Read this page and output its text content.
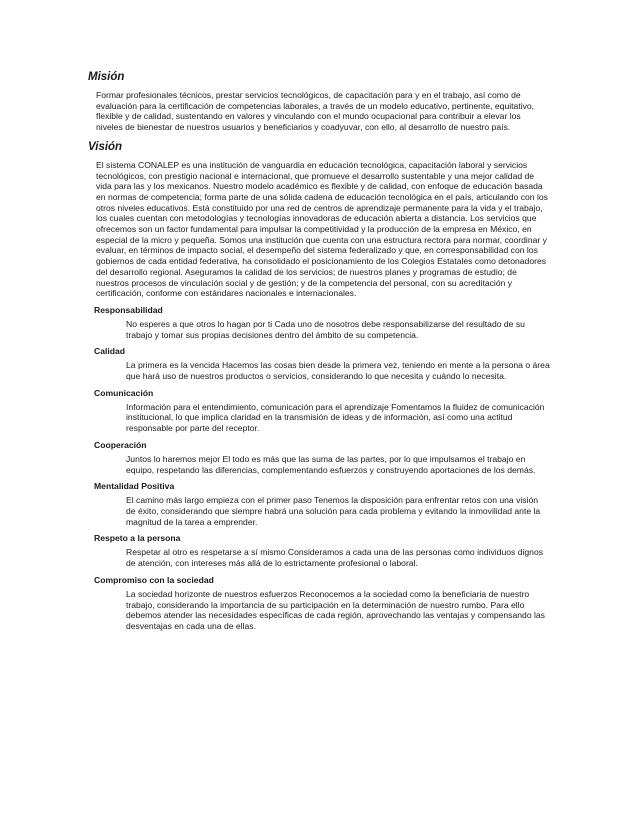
Misión

Formar profesionales técnicos, prestar servicios tecnológicos, de capacitación para y en el trabajo, así como de evaluación para la certificación de competencias laborales, a través de un modelo educativo, pertinente, equitativo, flexible y de calidad, sustentando en valores y vinculando con el mundo ocupacional para contribuir a elevar los niveles de bienestar de nuestros usuarios y beneficiarios y coadyuvar, con ello, al desarrollo de nuestro país.

Visión

El sistema CONALEP es una institución de vanguardia en educación tecnológica, capacitación laboral y servicios tecnológicos, con prestigio nacional e internacional, que promueve el desarrollo sustentable y una mejor calidad de vida para las y los mexicanos. Nuestro modelo académico es flexible y de calidad, con enfoque de educación basada en normas de competencia; forma parte de una sólida cadena de educación tecnológica en el país, articulando con los otros niveles educativos. Está constituido por una red de centros de aprendizaje permanente para la vida y el trabajo, los cuales cuentan con metodologías y tecnologías innovadoras de educación abierta a distancia. Los servicios que ofrecemos son un factor fundamental para impulsar la competitividad y la producción de la empresa en México, en especial de la micro y pequeña. Somos una institución que cuenta con una estructura rectora para normar, coordinar y evaluar, en términos de impacto social, el desempeño del sistema federalizado y que, en corresponsabilidad con los gobiernos de cada entidad federativa, ha consolidado el posicionamiento de los Colegios Estatales como detonadores del desarrollo regional. Aseguramos la calidad de los servicios; de nuestros planes y programas de estudio; de nuestros procesos de vinculación social y de gestión; y de la competencia del personal, con su acreditación y certificación, conforme con estándares nacionales e internacionales.

Responsabilidad

No esperes a que otros lo hagan por ti Cada uno de nosotros debe responsabilizarse del resultado de su trabajo y tomar sus propias decisiones dentro del ámbito de su competencia.

Calidad

La primera es la vencida Hacemos las cosas bien desde la primera vez, teniendo en mente a la persona o área que hará uso de nuestros productos o servicios, considerando lo que necesita y cuándo lo necesita.

Comunicación

Información para el entendimiento, comunicación para el aprendizaje Fomentamos la fluidez de comunicación institucional, lo que implica claridad en la transmisión de ideas y de información, así como una actitud responsable por parte del receptor.

Cooperación

Juntos lo haremos mejor El todo es más que las suma de las partes, por lo que impulsamos el trabajo en equipo, respetando las diferencias, complementando esfuerzos y construyendo aportaciones de los demás.

Mentalidad Positiva

El camino más largo empieza con el primer paso Tenemos la disposición para enfrentar retos con una visión de éxito, considerando que siempre habrá una solución para cada problema y evitando la inmovilidad ante la magnitud de la tarea a emprender.

Respeto a la persona

Respetar al otro es respetarse a sí mismo Consideramos a cada una de las personas como individuos dignos de atención, con intereses más allá de lo estrictamente profesional o laboral.

Compromiso con la sociedad

La sociedad horizonte de nuestros esfuerzos Reconocemos a la sociedad como la beneficiaria de nuestro trabajo, considerando la importancia de su participación en la determinación de nuestro rumbo. Para ello debemos atender las necesidades específicas de cada región, aprovechando las ventajas y compensando las desventajas en cada una de ellas.
